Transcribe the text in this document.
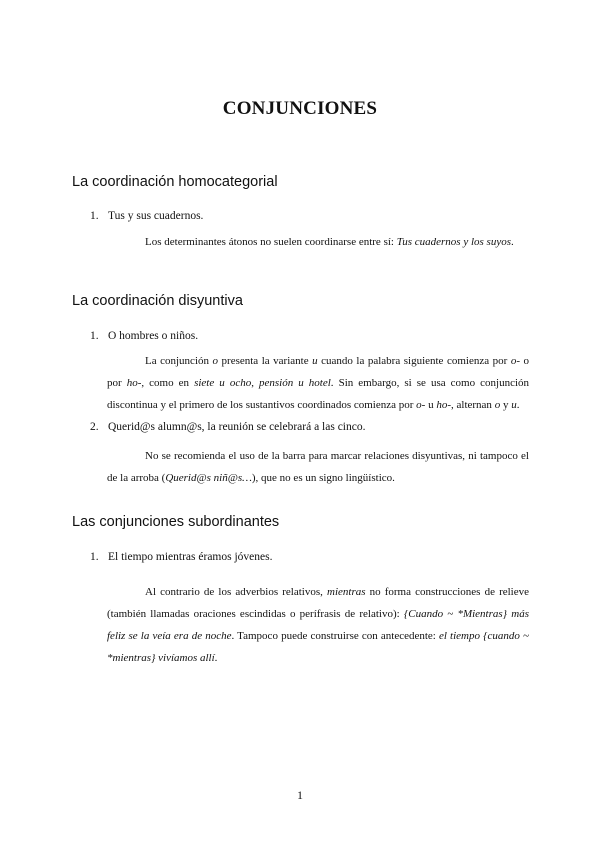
CONJUNCIONES
La coordinación homocategorial
1. Tus y sus cuadernos.

Los determinantes átonos no suelen coordinarse entre sí: Tus cuadernos y los suyos.

La coordinación disyuntiva
1. O hombres o niños.

La conjunción o presenta la variante u cuando la palabra siguiente comienza por o- o por ho-, como en siete u ocho, pensión u hotel. Sin embargo, si se usa como conjunción discontinua y el primero de los sustantivos coordinados comienza por o- u ho-, alternan o y u.

2. Querid@s alumn@s, la reunión se celebrará a las cinco.

No se recomienda el uso de la barra para marcar relaciones disyuntivas, ni tampoco el de la arroba (Querid@s niñ@s…), que no es un signo lingüístico.

Las conjunciones subordinantes
1. El tiempo mientras éramos jóvenes.

Al contrario de los adverbios relativos, mientras no forma construcciones de relieve (también llamadas oraciones escindidas o perífrasis de relativo): {Cuando ~ *Mientras} más feliz se la veía era de noche. Tampoco puede construirse con antecedente: el tiempo {cuando ~ *mientras} vivíamos allí.

1
